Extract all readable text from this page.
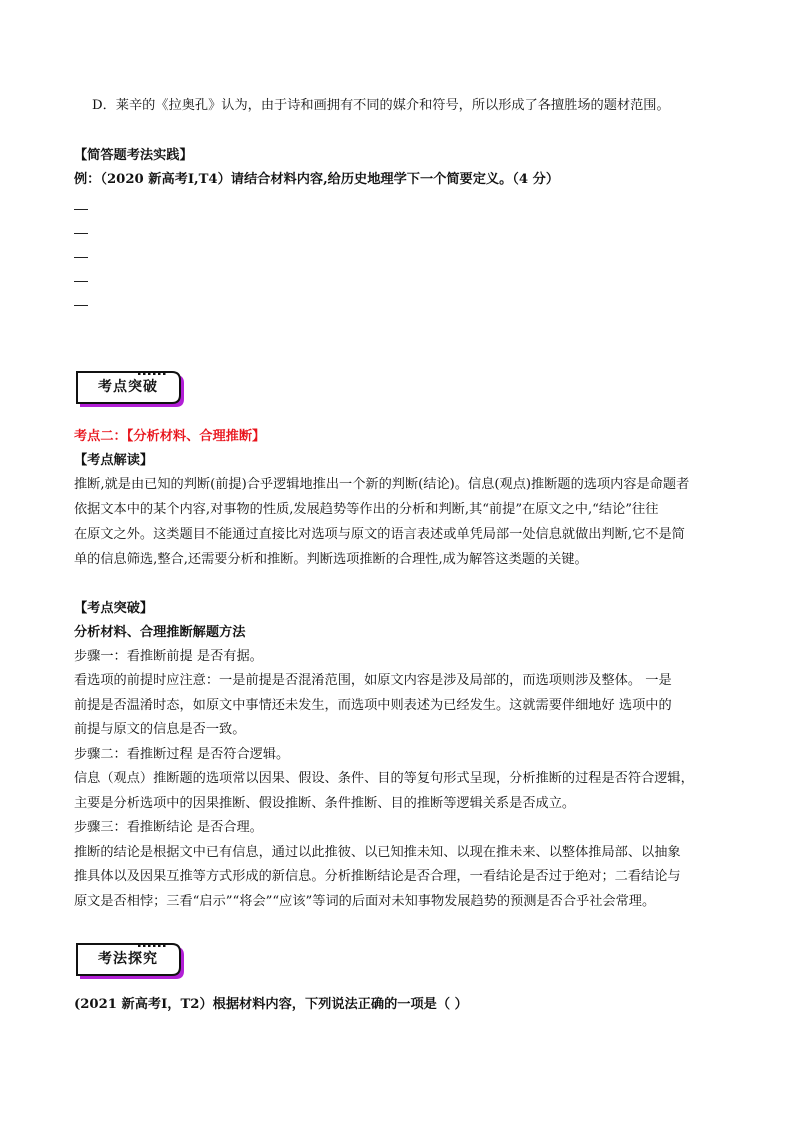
D．莱辛的《拉奥孔》认为，由于诗和画拥有不同的媒介和符号，所以形成了各擅胜场的题材范围。
【简答题考法实践】
例：（2020 新高考Ⅰ,T4）请结合材料内容,给历史地理学下一个简要定义。（4 分）
考点突破
考点二：【分析材料、合理推断】
【考点解读】
推断,就是由已知的判断(前提)合乎逻辑地推出一个新的判断(结论)。信息(观点)推断题的选项内容是命题者
依据文本中的某个内容,对事物的性质,发展趋势等作出的分析和判断,其“前提”在原文之中,“结论”往往
在原文之外。这类题目不能通过直接比对选项与原文的语言表述或单凭局部一处信息就做出判断,它不是简
单的信息筛选,整合,还需要分析和推断。判断选项推断的合理性,成为解答这类题的关键。
【考点突破】
分析材料、合理推断解题方法
步骤一：看推断前提 是否有据。
看选项的前提时应注意：一是前提是否混淆范围，如原文内容是涉及局部的，而选项则涉及整体。 一是
前提是否温淆时态，如原文中事情还未发生，而选项中则表述为已经发生。这就需要伴细地好 选项中的
前提与原文的信息是否一致。
步骤二：看推断过程 是否符合逻辑。
信息（观点）推断题的选项常以因果、假设、条件、目的等复句形式呈现，分析推断的过程是否符合逻辑，
主要是分析选项中的因果推断、假设推断、条件推断、目的推断等逻辑关系是否成立。
步骤三：看推断结论 是否合理。
推断的结论是根据文中已有信息，通过以此推彼、以已知推未知、以现在推未来、以整体推局部、以抽象
推具体以及因果互推等方式形成的新信息。分析推断结论是否合理，一看结论是否过于绝对；二看结论与
原文是否相悖；三看“启示”“将会”“应该”等词的后面对未知事物发展趋势的预测是否合乎社会常理。
考法探究
(2021 新高考Ⅰ，T2）根据材料内容，下列说法正确的一项是（ ）
